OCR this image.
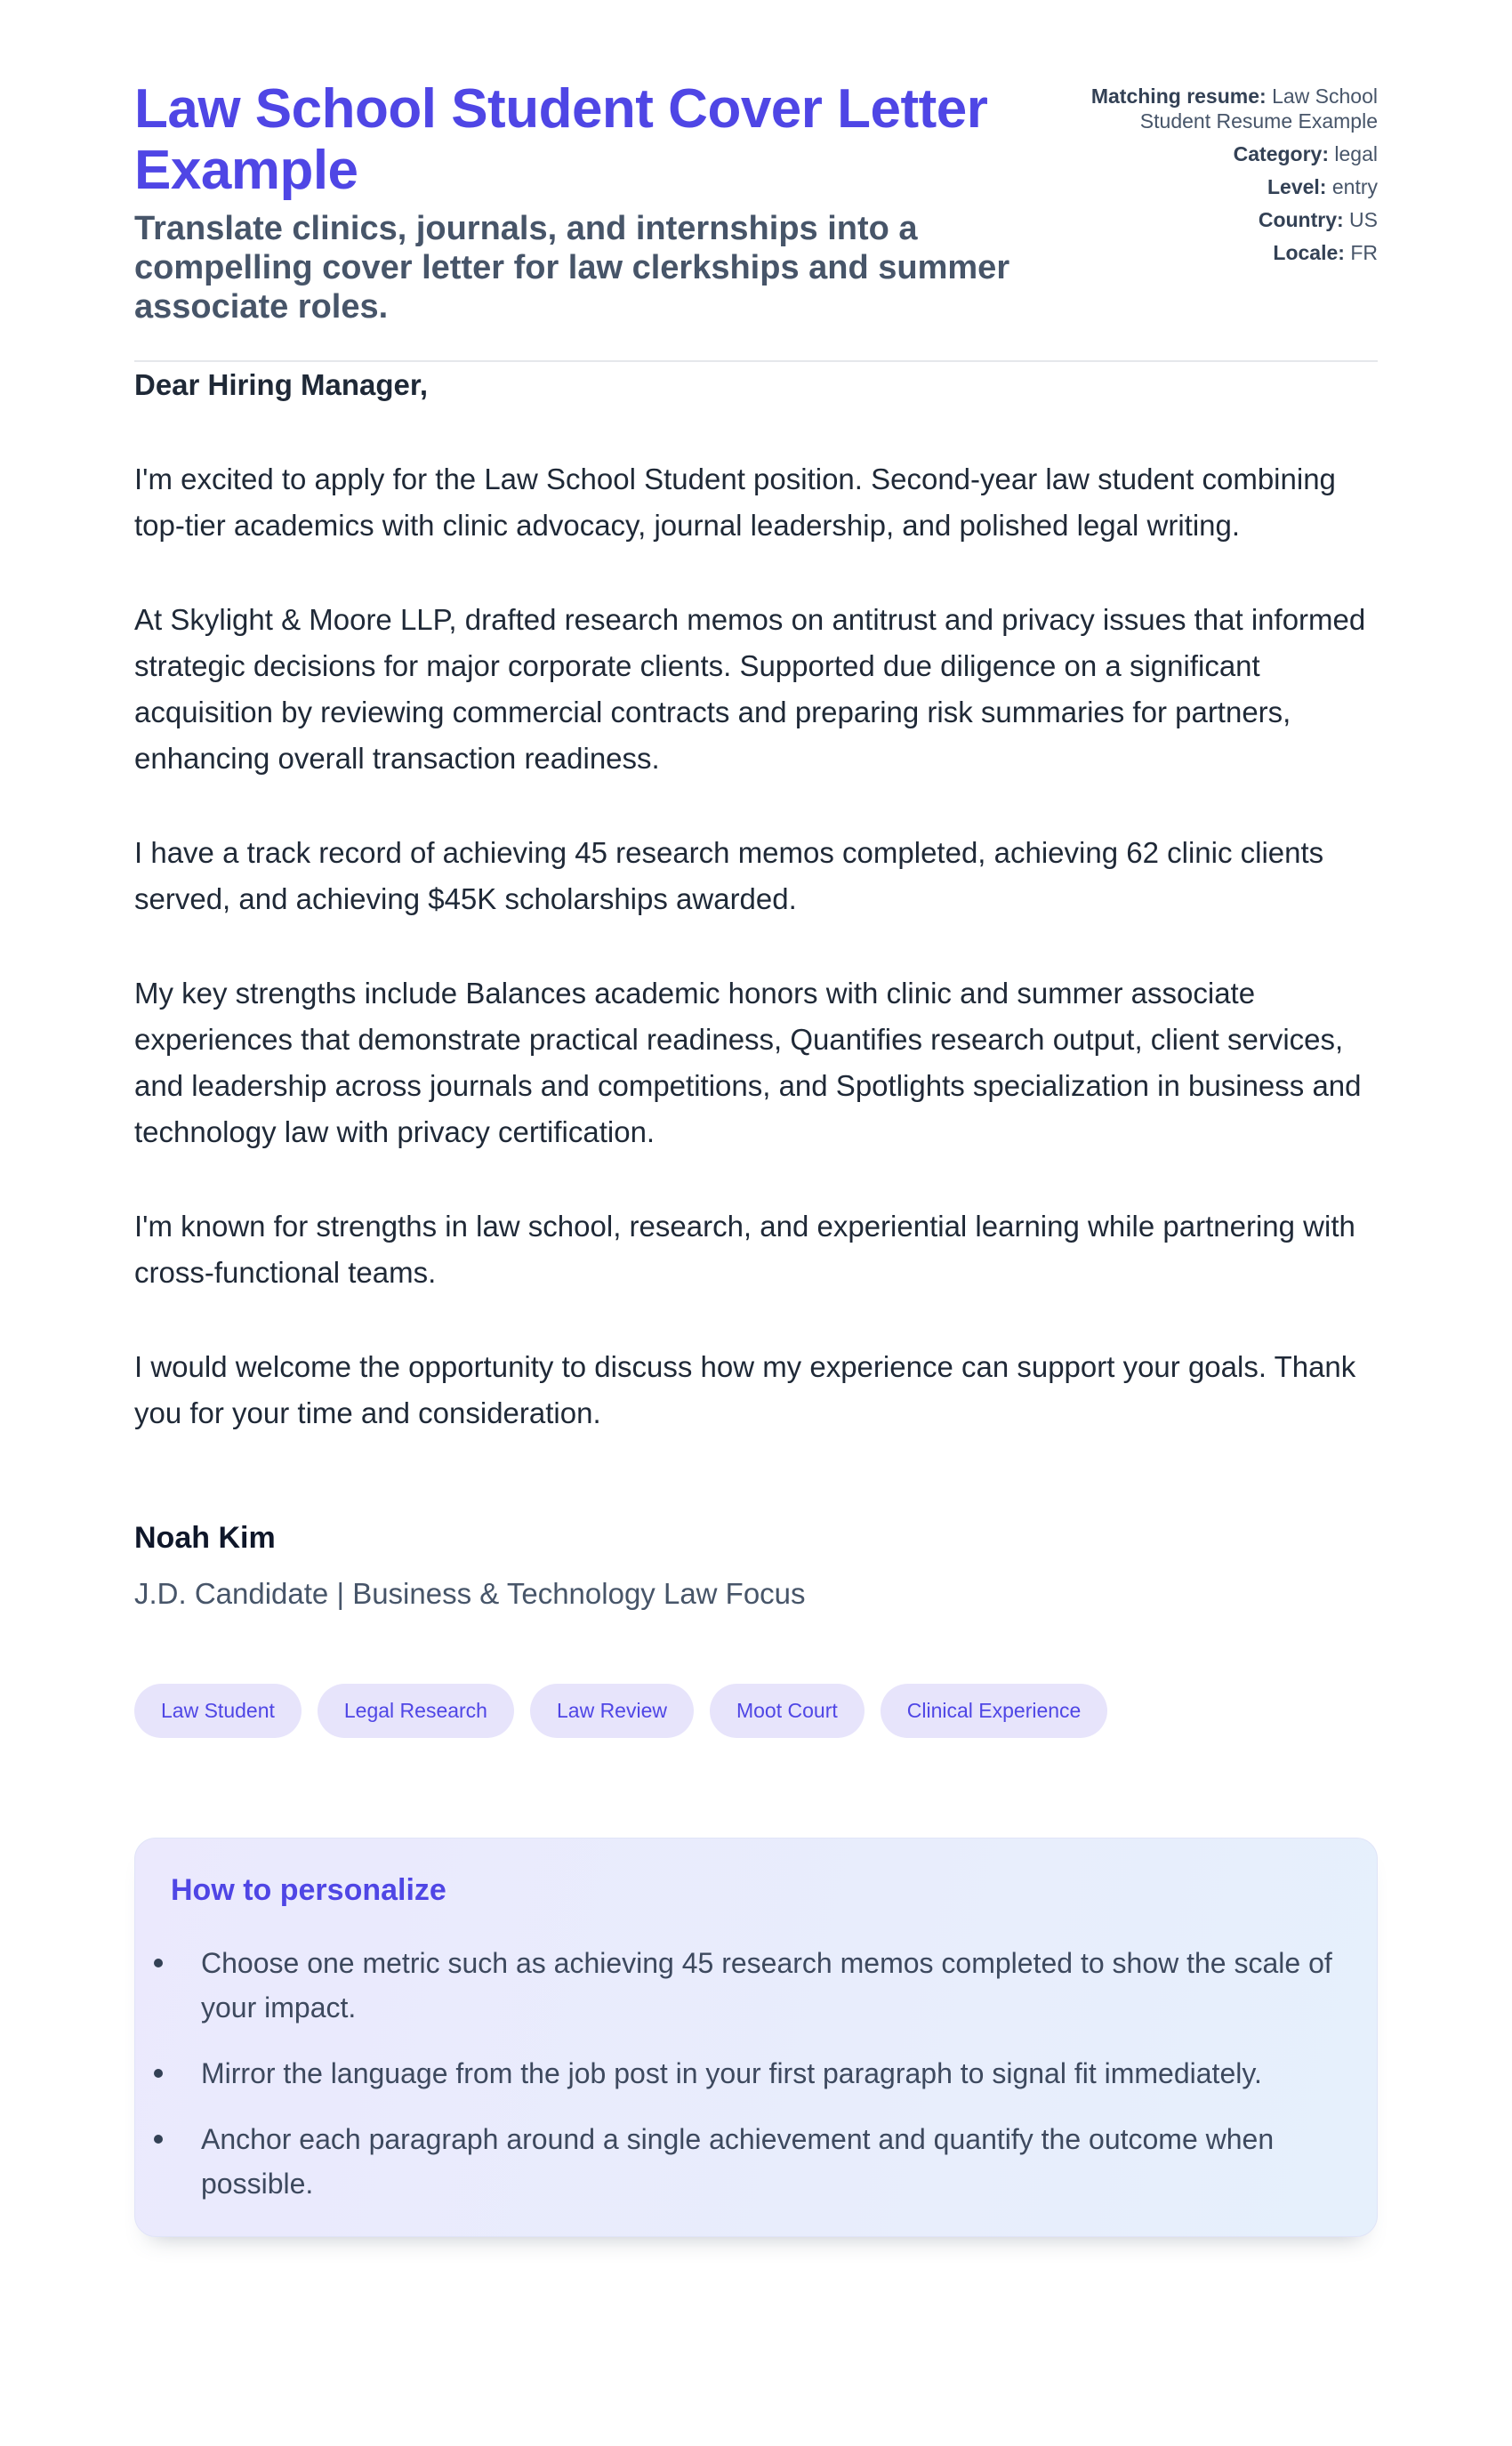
Law School Student Cover Letter Example

Translate clinics, journals, and internships into a compelling cover letter for law clerkships and summer associate roles.

Matching resume: Law School Student Resume Example
Category: legal
Level: entry
Country: US
Locale: FR

Dear Hiring Manager,

I'm excited to apply for the Law School Student position. Second-year law student combining top-tier academics with clinic advocacy, journal leadership, and polished legal writing.

At Skylight & Moore LLP, drafted research memos on antitrust and privacy issues that informed strategic decisions for major corporate clients. Supported due diligence on a significant acquisition by reviewing commercial contracts and preparing risk summaries for partners, enhancing overall transaction readiness.

I have a track record of achieving 45 research memos completed, achieving 62 clinic clients served, and achieving $45K scholarships awarded.

My key strengths include Balances academic honors with clinic and summer associate experiences that demonstrate practical readiness, Quantifies research output, client services, and leadership across journals and competitions, and Spotlights specialization in business and technology law with privacy certification.

I'm known for strengths in law school, research, and experiential learning while partnering with cross-functional teams.

I would welcome the opportunity to discuss how my experience can support your goals. Thank you for your time and consideration.

Noah Kim
J.D. Candidate | Business & Technology Law Focus
Law Student	Legal Research	Law Review	Moot Court	Clinical Experience
How to personalize
Choose one metric such as achieving 45 research memos completed to show the scale of your impact.
Mirror the language from the job post in your first paragraph to signal fit immediately.
Anchor each paragraph around a single achievement and quantify the outcome when possible.
